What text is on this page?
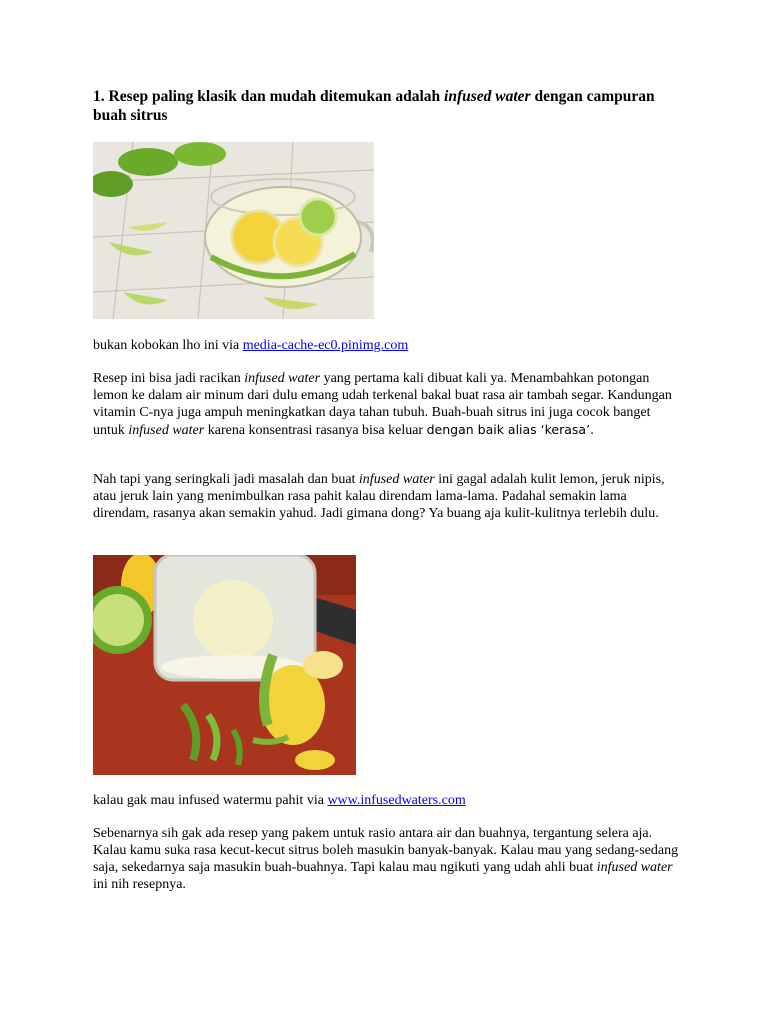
1. Resep paling klasik dan mudah ditemukan adalah infused water dengan campuran buah sitrus

bukan kobokan lho ini via media-cache-ec0.pinimg.com

Resep ini bisa jadi racikan infused water yang pertama kali dibuat kali ya. Menambahkan potongan lemon ke dalam air minum dari dulu emang udah terkenal bakal buat rasa air tambah segar. Kandungan vitamin C-nya juga ampuh meningkatkan daya tahan tubuh. Buah-buah sitrus ini juga cocok banget untuk infused water karena konsentrasi rasanya bisa keluar dengan baik alias ‘kerasa’.

Nah tapi yang seringkali jadi masalah dan buat infused water ini gagal adalah kulit lemon, jeruk nipis, atau jeruk lain yang menimbulkan rasa pahit kalau direndam lama-lama. Padahal semakin lama direndam, rasanya akan semakin yahud. Jadi gimana dong? Ya buang aja kulit-kulitnya terlebih dulu.

kalau gak mau infused watermu pahit via www.infusedwaters.com

Sebenarnya sih gak ada resep yang pakem untuk rasio antara air dan buahnya, tergantung selera aja. Kalau kamu suka rasa kecut-kecut sitrus boleh masukin banyak-banyak. Kalau mau yang sedang-sedang saja, sekedarnya saja masukin buah-buahnya. Tapi kalau mau ngikuti yang udah ahli buat infused water ini nih resepnya.
